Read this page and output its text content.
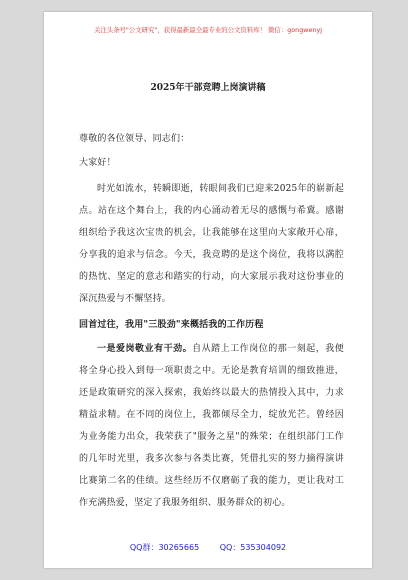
关注头条号"公文研究"，获得最新最全最专业的公文资料库！ 微信：gongwenyj
2025年干部竞聘上岗演讲稿
尊敬的各位领导、同志们：
大家好！
时光如流水，转瞬即逝，转眼间我们已迎来2025年的崭新起点。站在这个舞台上，我的内心涌动着无尽的感慨与希冀。感谢组织给予我这次宝贵的机会，让我能够在这里向大家敞开心扉，分享我的追求与信念。今天，我竞聘的是这个岗位，我将以满腔的热忱、坚定的意志和踏实的行动，向大家展示我对这份事业的深沉热爱与不懈坚持。
回首过往，我用"三股劲"来概括我的工作历程
一是爱岗敬业有干劲。自从踏上工作岗位的那一刻起，我便将全身心投入到每一项职责之中。无论是教育培训的细致推进，还是政策研究的深入探索，我始终以最大的热情投入其中，力求精益求精。在不同的岗位上，我都倾尽全力，绽放光芒。曾经因为业务能力出众，我荣获了"服务之星"的殊荣；在组织部门工作的几年时光里，我多次参与各类比赛，凭借扎实的努力摘得演讲比赛第二名的佳绩。这些经历不仅磨砺了我的能力，更让我对工作充满热爱，坚定了我服务组织、服务群众的初心。
QQ群：30265665	QQ：535304092
